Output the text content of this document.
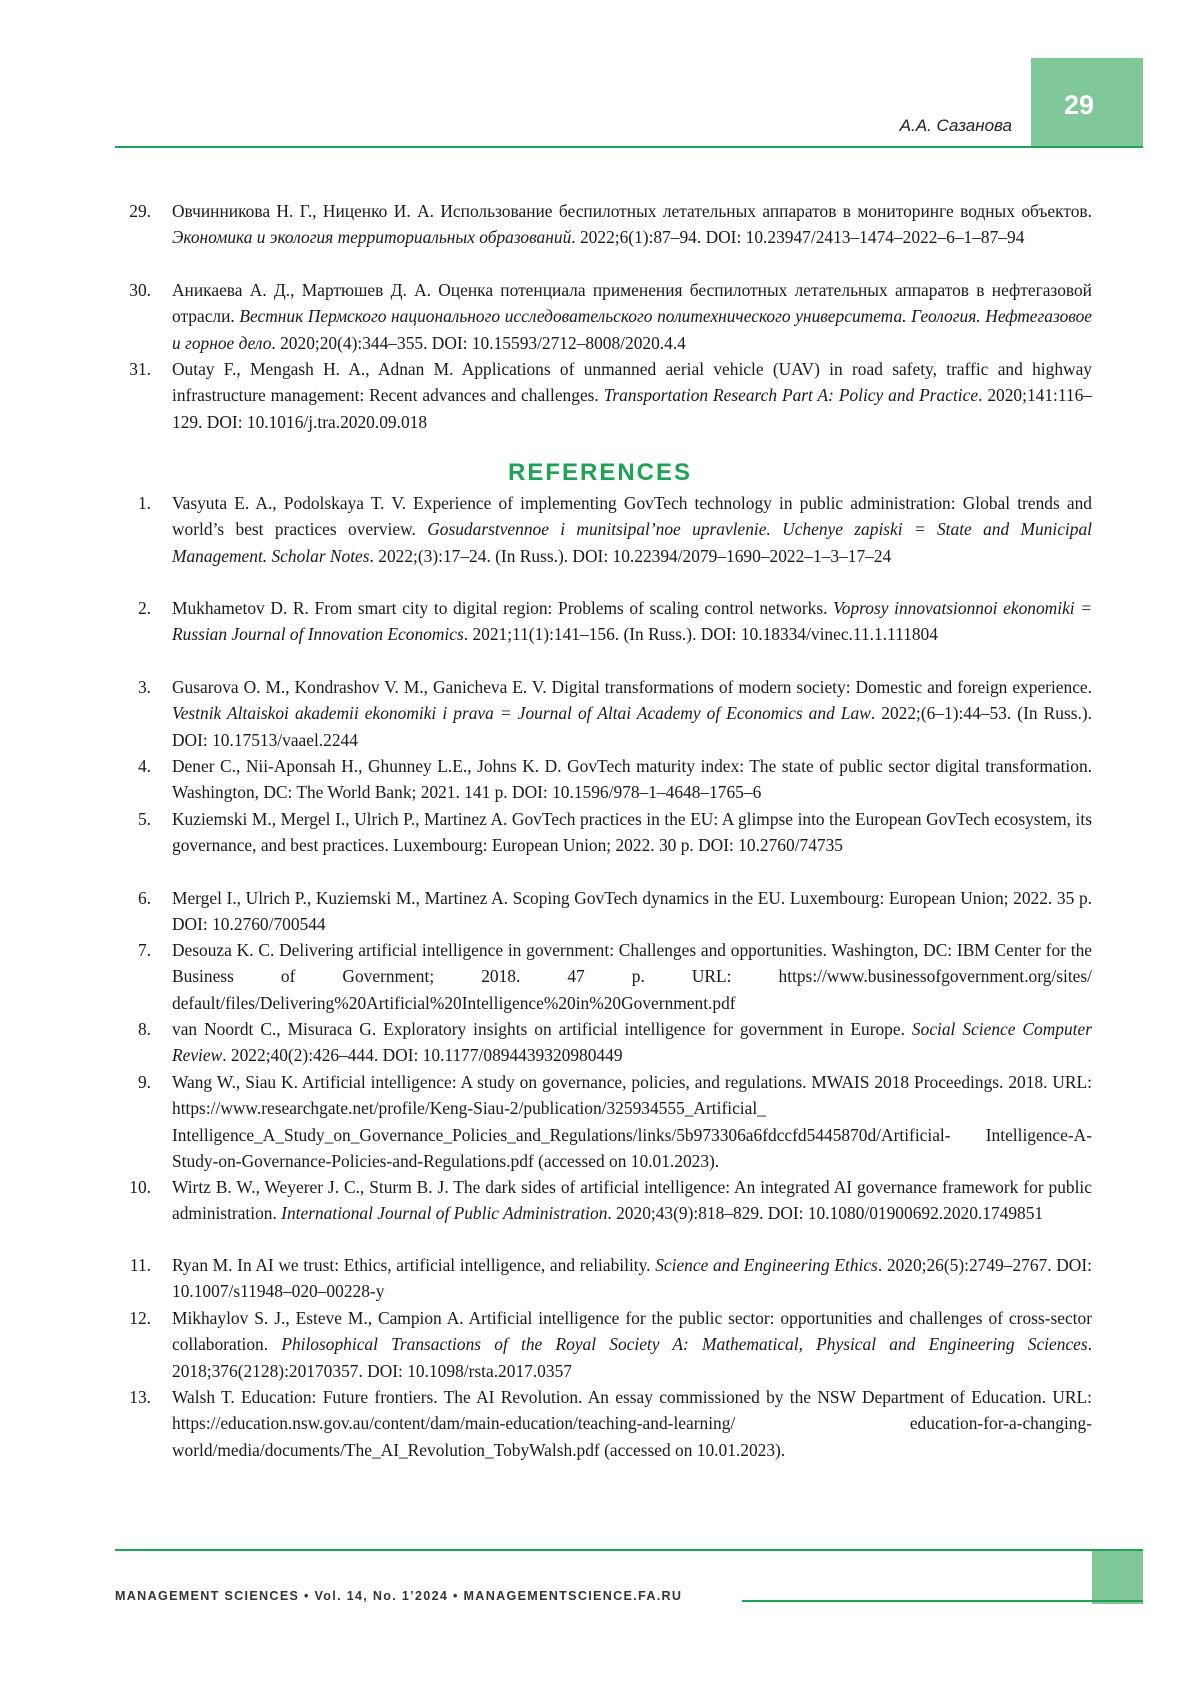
29
А.А. Сазанова
29. Овчинникова Н. Г., Ниценко И. А. Использование беспилотных летательных аппаратов в мониторинге водных объектов. Экономика и экология территориальных образований. 2022;6(1):87–94. DOI: 10.23947/2413–1474–2022–6–1–87–94
30. Аникаева А. Д., Мартюшев Д. А. Оценка потенциала применения беспилотных летательных аппаратов в нефтегазовой отрасли. Вестник Пермского национального исследовательского политехнического университета. Геология. Нефтегазовое и горное дело. 2020;20(4):344–355. DOI: 10.15593/2712–8008/2020.4.4
31. Outay F., Mengash H. A., Adnan M. Applications of unmanned aerial vehicle (UAV) in road safety, traffic and highway infrastructure management: Recent advances and challenges. Transportation Research Part A: Policy and Practice. 2020;141:116–129. DOI: 10.1016/j.tra.2020.09.018
REFERENCES
1. Vasyuta E. A., Podolskaya T. V. Experience of implementing GovTech technology in public administration: Global trends and world’s best practices overview. Gosudarstvennoe i munitsipal’noe upravlenie. Uchenye zapiski = State and Municipal Management. Scholar Notes. 2022;(3):17–24. (In Russ.). DOI: 10.22394/2079–1690–2022–1–3–17–24
2. Mukhametov D. R. From smart city to digital region: Problems of scaling control networks. Voprosy innovatsionnoi ekonomiki = Russian Journal of Innovation Economics. 2021;11(1):141–156. (In Russ.). DOI: 10.18334/vinec.11.1.111804
3. Gusarova O. M., Kondrashov V. M., Ganicheva E. V. Digital transformations of modern society: Domestic and foreign experience. Vestnik Altaiskoi akademii ekonomiki i prava = Journal of Altai Academy of Economics and Law. 2022;(6–1):44–53. (In Russ.). DOI: 10.17513/vaael.2244
4. Dener C., Nii-Aponsah H., Ghunney L.E., Johns K. D. GovTech maturity index: The state of public sector digital transformation. Washington, DC: The World Bank; 2021. 141 p. DOI: 10.1596/978–1–4648–1765–6
5. Kuziemski M., Mergel I., Ulrich P., Martinez A. GovTech practices in the EU: A glimpse into the European GovTech ecosystem, its governance, and best practices. Luxembourg: European Union; 2022. 30 p. DOI: 10.2760/74735
6. Mergel I., Ulrich P., Kuziemski M., Martinez A. Scoping GovTech dynamics in the EU. Luxembourg: European Union; 2022. 35 p. DOI: 10.2760/700544
7. Desouza K. C. Delivering artificial intelligence in government: Challenges and opportunities. Washington, DC: IBM Center for the Business of Government; 2018. 47 p. URL: https://www.businessofgovernment.org/sites/ default/files/Delivering%20Artificial%20Intelligence%20in%20Government.pdf
8. van Noordt C., Misuraca G. Exploratory insights on artificial intelligence for government in Europe. Social Science Computer Review. 2022;40(2):426–444. DOI: 10.1177/0894439320980449
9. Wang W., Siau K. Artificial intelligence: A study on governance, policies, and regulations. MWAIS 2018 Proceedings. 2018. URL: https://www.researchgate.net/profile/Keng-Siau-2/publication/325934555_Artificial_ Intelligence_A_Study_on_Governance_Policies_and_Regulations/links/5b973306a6fdccfd5445870d/Artificial- Intelligence-A-Study-on-Governance-Policies-and-Regulations.pdf (accessed on 10.01.2023).
10. Wirtz B. W., Weyerer J. C., Sturm B. J. The dark sides of artificial intelligence: An integrated AI governance framework for public administration. International Journal of Public Administration. 2020;43(9):818–829. DOI: 10.1080/01900692.2020.1749851
11. Ryan M. In AI we trust: Ethics, artificial intelligence, and reliability. Science and Engineering Ethics. 2020;26(5):2749–2767. DOI: 10.1007/s11948–020–00228-y
12. Mikhaylov S. J., Esteve M., Campion A. Artificial intelligence for the public sector: opportunities and challenges of cross-sector collaboration. Philosophical Transactions of the Royal Society A: Mathematical, Physical and Engineering Sciences. 2018;376(2128):20170357. DOI: 10.1098/rsta.2017.0357
13. Walsh T. Education: Future frontiers. The AI Revolution. An essay commissioned by the NSW Department of Education. URL: https://education.nsw.gov.au/content/dam/main-education/teaching-and-learning/ education-for-a-changing-world/media/documents/The_AI_Revolution_TobyWalsh.pdf (accessed on 10.01.2023).
MANAGEMENT SCIENCES • Vol. 14, No. 1’2024 • MANAGEMENTSCIENCE.FA.RU
